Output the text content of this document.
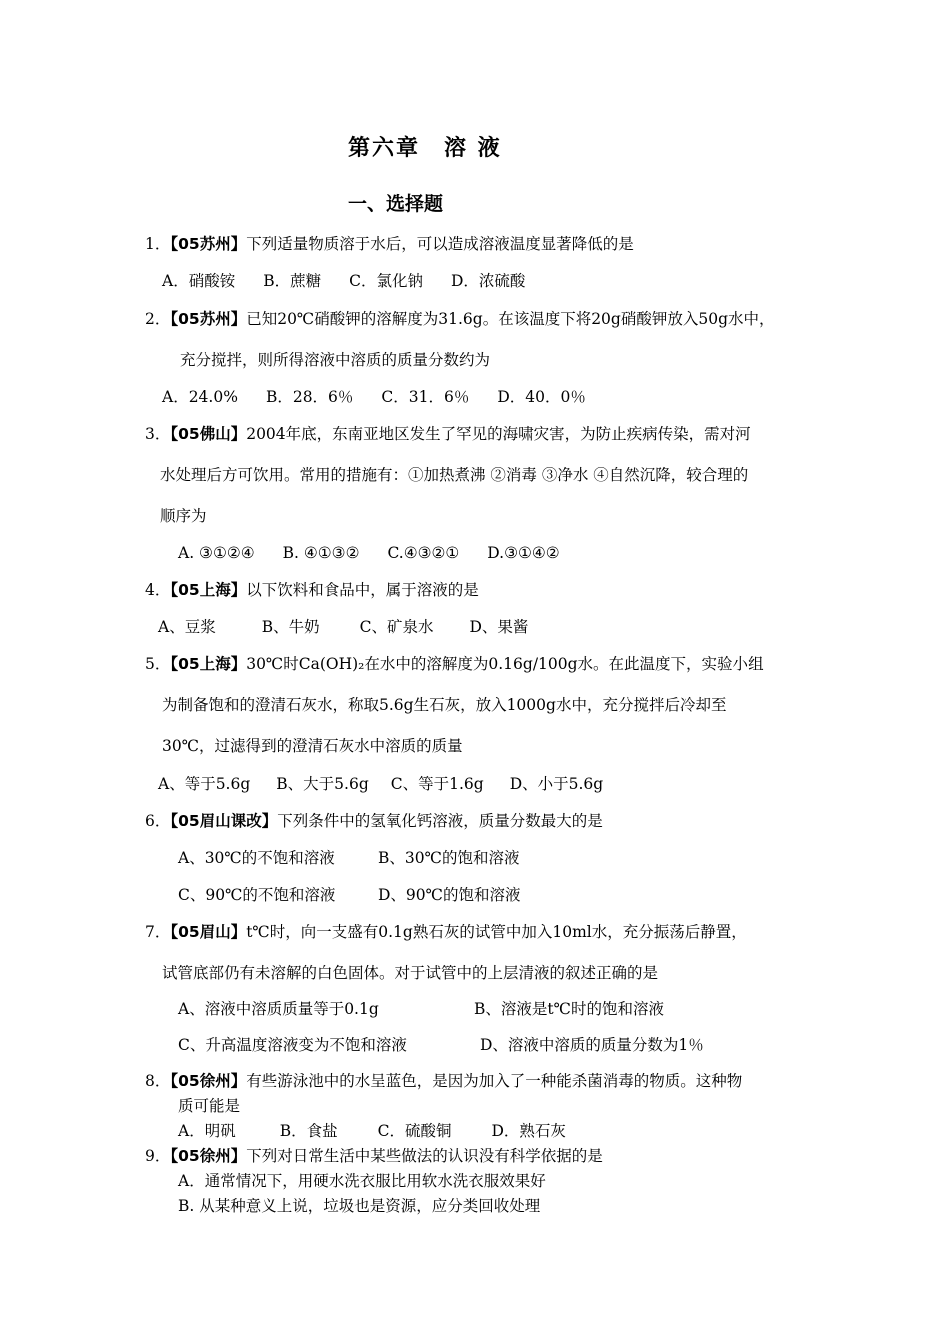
第六章　溶 液
一、选择题
1．【05苏州】下列适量物质溶于水后，可以造成溶液温度显著降低的是
A．硝酸铵 B．蔗糖 C．氯化钠 D．浓硫酸
2．【05苏州】已知20℃硝酸钾的溶解度为31.6g。在该温度下将20g硝酸钾放入50g水中，
充分搅拌，则所得溶液中溶质的质量分数约为
A．24.0% B．28．6％ C．31．6％ D．40．0％
3．【05佛山】2004年底，东南亚地区发生了罕见的海啸灾害，为防止疾病传染，需对河
水处理后方可饮用。常用的措施有：①加热煮沸 ②消毒 ③净水 ④自然沉降，较合理的
顺序为
A. ③①②④ B. ④①③② C.④③②① D.③①④②
4．【05上海】以下饮料和食品中，属于溶液的是
A、豆浆	B、牛奶	C、矿泉水 D、果酱
5．【05上海】30℃时Ca(OH)₂在水中的溶解度为0.16g/100g水。在此温度下，实验小组
为制备饱和的澄清石灰水，称取5.6g生石灰，放入1000g水中，充分搅拌后冷却至
30℃，过滤得到的澄清石灰水中溶质的质量
A、等于5.6g B、大于5.6g C、等于1.6g D、小于5.6g
6．【05眉山课改】下列条件中的氢氧化钙溶液，质量分数最大的是
A、30℃的不饱和溶液	B、30℃的饱和溶液
C、90℃的不饱和溶液	D、90℃的饱和溶液
7．【05眉山】t℃时，向一支盛有0.1g熟石灰的试管中加入10ml水，充分振荡后静置，
试管底部仍有未溶解的白色固体。对于试管中的上层清液的叙述正确的是
A、溶液中溶质质量等于0.1g	B、溶液是t℃时的饱和溶液
C、升高温度溶液变为不饱和溶液	D、溶液中溶质的质量分数为1％
8．【05徐州】有些游泳池中的水呈蓝色，是因为加入了一种能杀菌消毒的物质。这种物
质可能是
A．明矾	B．食盐	C．硫酸铜	D．熟石灰
9．【05徐州】下列对日常生活中某些做法的认识没有科学依据的是
A．通常情况下，用硬水洗衣服比用软水洗衣服效果好
B. 从某种意义上说，垃圾也是资源，应分类回收处理
